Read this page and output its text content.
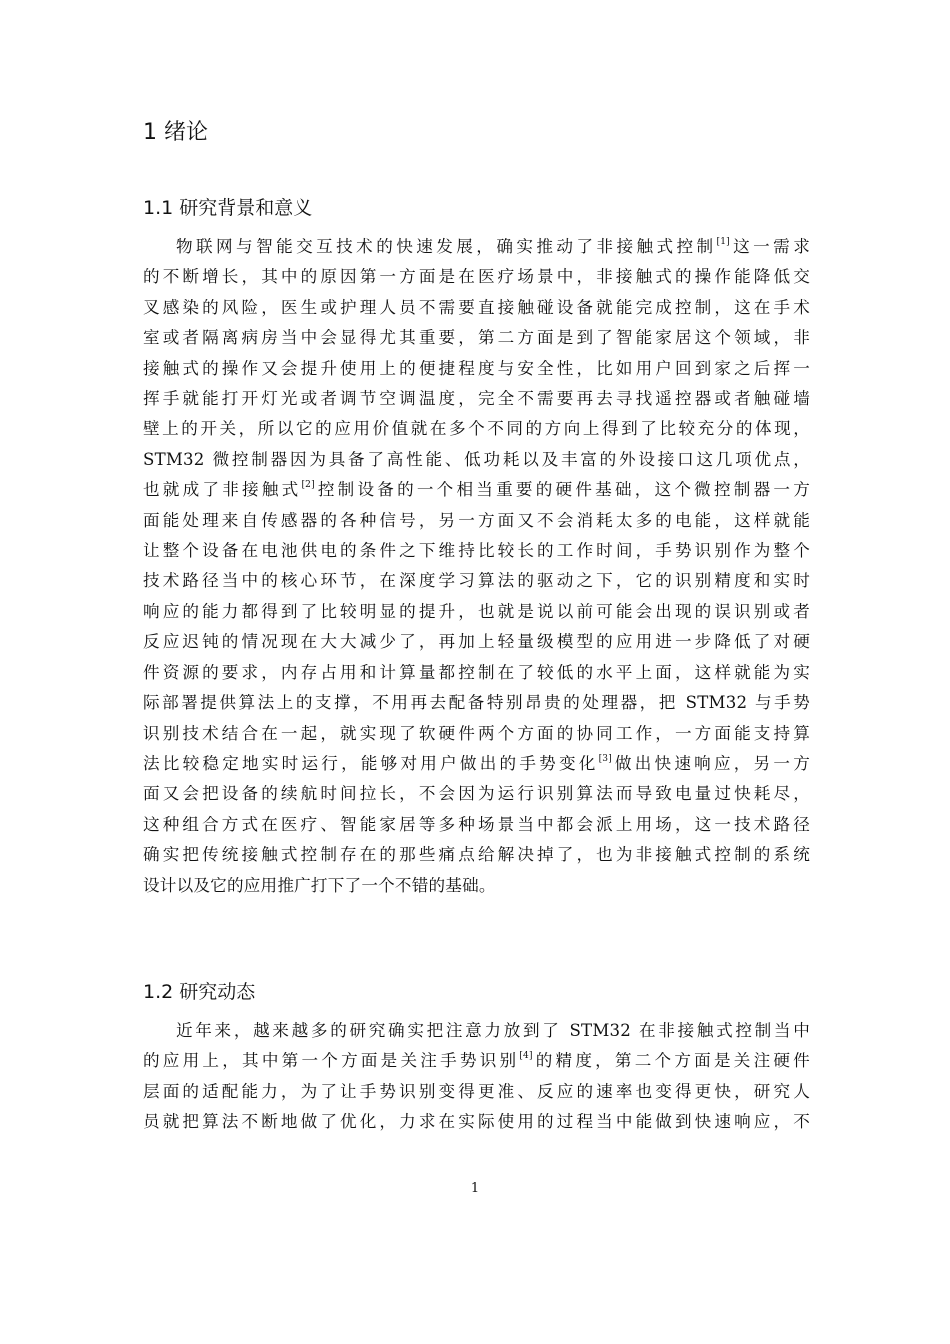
1 绪论
1.1 研究背景和意义
物联网与智能交互技术的快速发展，确实推动了非接触式控制[1]这一需求
的不断增长，其中的原因第一方面是在医疗场景中，非接触式的操作能降低交
叉感染的风险，医生或护理人员不需要直接触碰设备就能完成控制，这在手术
室或者隔离病房当中会显得尤其重要，第二方面是到了智能家居这个领域，非
接触式的操作又会提升使用上的便捷程度与安全性，比如用户回到家之后挥一
挥手就能打开灯光或者调节空调温度，完全不需要再去寻找遥控器或者触碰墙
壁上的开关，所以它的应用价值就在多个不同的方向上得到了比较充分的体现，
STM32 微控制器因为具备了高性能、低功耗以及丰富的外设接口这几项优点，
也就成了非接触式[2]控制设备的一个相当重要的硬件基础，这个微控制器一方
面能处理来自传感器的各种信号，另一方面又不会消耗太多的电能，这样就能
让整个设备在电池供电的条件之下维持比较长的工作时间，手势识别作为整个
技术路径当中的核心环节，在深度学习算法的驱动之下，它的识别精度和实时
响应的能力都得到了比较明显的提升，也就是说以前可能会出现的误识别或者
反应迟钝的情况现在大大减少了，再加上轻量级模型的应用进一步降低了对硬
件资源的要求，内存占用和计算量都控制在了较低的水平上面，这样就能为实
际部署提供算法上的支撑，不用再去配备特别昂贵的处理器，把 STM32 与手势
识别技术结合在一起，就实现了软硬件两个方面的协同工作，一方面能支持算
法比较稳定地实时运行，能够对用户做出的手势变化[3]做出快速响应，另一方
面又会把设备的续航时间拉长，不会因为运行识别算法而导致电量过快耗尽，
这种组合方式在医疗、智能家居等多种场景当中都会派上用场，这一技术路径
确实把传统接触式控制存在的那些痛点给解决掉了，也为非接触式控制的系统
设计以及它的应用推广打下了一个不错的基础。
1.2 研究动态
近年来，越来越多的研究确实把注意力放到了 STM32 在非接触式控制当中
的应用上，其中第一个方面是关注手势识别[4]的精度，第二个方面是关注硬件
层面的适配能力，为了让手势识别变得更准、反应的速率也变得更快，研究人
员就把算法不断地做了优化，力求在实际使用的过程当中能做到快速响应，不
1
